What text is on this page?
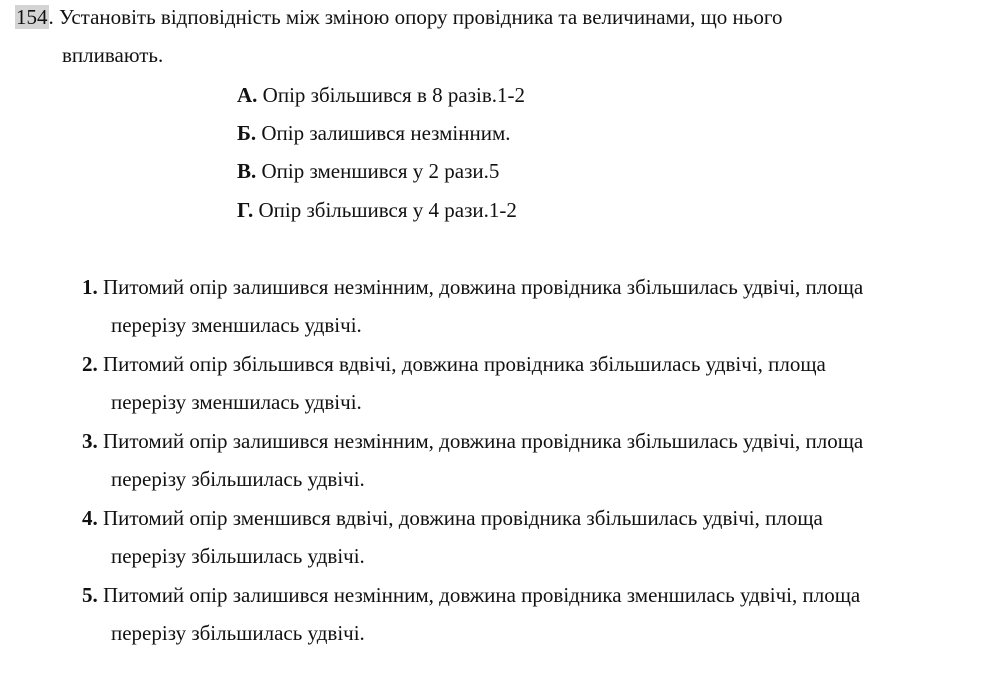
154. Установіть відповідність між зміною опору провідника та величинами, що нього
впливають.
А. Опір збільшився в 8 разів.1-2
Б. Опір залишився незмінним.
В. Опір зменшився у 2 рази.5
Г. Опір збільшився у 4 рази.1-2
1. Питомий опір залишився незмінним, довжина провідника збільшилась удвічі, площа
перерізу зменшилась удвічі.
2. Питомий опір збільшився вдвічі, довжина провідника збільшилась удвічі, площа
перерізу зменшилась удвічі.
3. Питомий опір залишився незмінним, довжина провідника збільшилась удвічі, площа
перерізу збільшилась удвічі.
4. Питомий опір зменшився вдвічі, довжина провідника збільшилась удвічі, площа
перерізу збільшилась удвічі.
5. Питомий опір залишився незмінним, довжина провідника зменшилась удвічі, площа
перерізу збільшилась удвічі.
